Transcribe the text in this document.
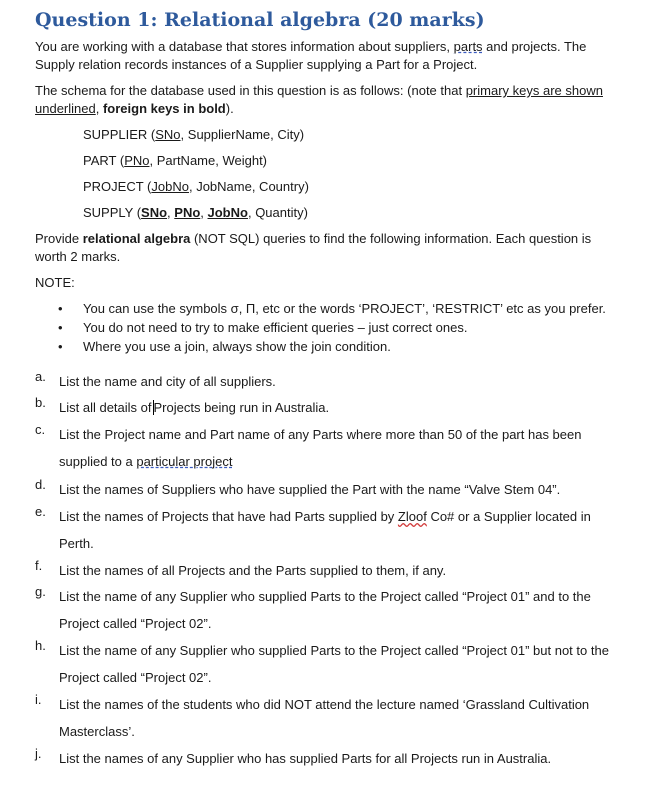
Question 1: Relational algebra (20 marks)

You are working with a database that stores information about suppliers, parts and projects. The
Supply relation records instances of a Supplier supplying a Part for a Project.

The schema for the database used in this question is as follows: (note that primary keys are shown
underlined, foreign keys in bold).

SUPPLIER (SNo, SupplierName, City)

PART (PNo, PartName, Weight)

PROJECT (JobNo, JobName, Country)

SUPPLY (SNo, PNo, JobNo, Quantity)

Provide relational algebra (NOT SQL) queries to find the following information. Each question is
worth 2 marks.

NOTE:

• You can use the symbols σ, Π, etc or the words ‘PROJECT’, ‘RESTRICT’ etc as you prefer.
• You do not need to try to make efficient queries – just correct ones.
• Where you use a join, always show the join condition.
a. List the name and city of all suppliers.
b. List all details of Projects being run in Australia.
c. List the Project name and Part name of any Parts where more than 50 of the part has been
supplied to a particular project
d. List the names of Suppliers who have supplied the Part with the name “Valve Stem 04”.
e. List the names of Projects that have had Parts supplied by Zloof Co# or a Supplier located in
Perth.
f. List the names of all Projects and the Parts supplied to them, if any.
g. List the name of any Supplier who supplied Parts to the Project called “Project 01” and to the
Project called “Project 02”.
h. List the name of any Supplier who supplied Parts to the Project called “Project 01” but not to the
Project called “Project 02”.
i. List the names of the students who did NOT attend the lecture named ‘Grassland Cultivation
Masterclass’.
j. List the names of any Supplier who has supplied Parts for all Projects run in Australia.
